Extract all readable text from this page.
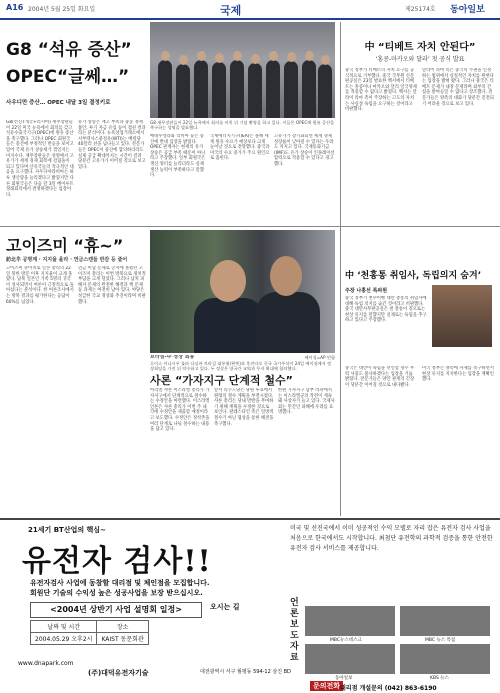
A16 2004년 5월 25일 화요일	국제	제25174호 동아일보
G8 “석유 증산”
OPEC“글쎄…”
사우디만 증산… OPEC 내달 3일 결정키로
G8(선진7개국+러시아) 재무장관들이 22일 미국 뉴욕에서 회의를 갖고 석유수출국기구(OPEC)에 원유 증산을 촉구했다. 그러나 OPEC 회원국들은 증산에 부정적인 반응을 보이고 있어 국제 유가 상승세가 꺾일지는 미지수다. 재무장관들은 성명에서 고유가가 세계 경제 회복에 걸림돌이 되고 있다며 산유국들의 적극적인 대응을 요구했다. 사우디아라비아는 하루 생산량을 늘리겠다고 밝혔지만 다른 회원국들은 다음 달 3일 베이루트 정례회의에서 결정하겠다는 입장이다.
유가 상승은 재고 부족과 중동 정세 불안, 투기 자금 유입 등이 겹친 결과라는 분석이다. 뉴욕상업거래소에서 서부텍사스중질유(WTI)는 배럴당 40달러 선을 넘나들고 있다. 전문가들은 OPEC이 증산에 합의하더라도 실제 공급 확대까지는 시간이 걸려 당분간 고유가가 이어질 것으로 보고 있다.
G8 재무장관들이 22일 뉴욕에서 회의를 마친 뒤 기념 촬영을 하고 있다. 이들은 OPEC에 원유 증산을 촉구하는 성명을 발표했다.
베네수엘라와 리비아 등은 증산에 반대 입장을 밝혔다. OPEC 관계자는 현재의 유가 상승은 공급 부족 때문이 아니라고 주장했다. 일부 회원국은 생산 쿼터를 늘리더라도 실제 생산 능력이 부족하다고 말했다.
국제에너지기구(IEA)는 올해 세계 원유 수요가 예상보다 크게 늘어날 것으로 전망했다. 중국과 미국의 수요 증가가 주요 원인으로 꼽힌다.
고유가가 장기화되면 세계 경제 성장률이 낮아질 수 있다는 우려도 커지고 있다. 국제통화기금(IMF)도 유가 상승이 인플레이션 압력으로 작용할 수 있다고 경고했다.
中 “티베트 자치 안된다”
‘홍콩-마카오와 달라’ 첫 공식 발표
중국 정부가 티베트의 자치 요구를 공식적으로 거부했다. 중국 국무원 신문판공실은 23일 발표한 백서에서 티베트는 홍콩이나 마카오와 달리 일국양제를 적용할 수 없다고 밝혔다. 백서는 달라이 라마 측이 주장하는 고도의 자치는 사실상 독립을 요구하는 것이라고 비판했다.
달라이 라마 측은 중국의 주권을 인정하는 범위에서 실질적인 자치를 원한다는 입장을 밝혀 왔다. 그러나 중국은 티베트 문제가 내정 문제라며 외부의 간섭을 받아들일 수 없다고 강조했다. 전문가들은 양측의 대화가 당분간 진전되기 어려울 것으로 보고 있다.
고이즈미 “휴~”
訪北후 공명계 · 지지율 올라 · 연금스캔들 반감 등 줄어
고이즈미 준이치로 일본 총리의 22일 북한 방문 이후 지지율이 크게 올랐다. 납북 일본인 가족 5명의 귀국이 성사되면서 여론이 긍정적으로 돌아섰다는 분석이다. 한 여론조사에서는 방북 결과를 평가한다는 응답이 60%를 넘었다.
연금 미납 문제로 궁지에 몰렸던 고이즈미 총리는 이번 방북으로 정치적 부담을 크게 덜었다. 그러나 납치 피해자 문제의 완전한 해결과 핵 문제 등 과제는 여전히 남아 있다. 야당은 성급한 국교 정상화 추진이라며 비판했다.
브라질-中 정상 회동	베이징=AP 연합
루이스 이나시우 룰라 다실바 브라질 대통령(왼쪽)과 후진타오 중국 국가주석이 24일 베이징에서 정상회담을 가진 뒤 악수하고 있다. 두 정상은 양국간 교역과 투자 확대에 합의했다.
사론 “가자지구 단계적 철수”
아리엘 샤론 이스라엘 총리가 가자지구에서 단계적으로 철수하는 수정안을 마련했다. 이스라엘 언론은 샤론 총리가 이번 주 내각에 수정안을 제출할 예정이라고 보도했다. 수정안은 정착촌을 여러 단계로 나눠 철수하는 내용을 담고 있다.
앞서 리쿠드당은 당원 투표에서 원래의 철수 계획을 부결시켰다. 샤론 총리는 당내 반발을 무마하기 위해 계획을 수정한 것으로 보인다. 팔레스타인 측은 일방적 철수가 아닌 협상을 통한 해결을 촉구했다.
한편 가자지구 남부 라파에서는 이스라엘군의 작전이 계속돼 사상자가 늘고 있다. 국제사회는 민간인 피해에 우려를 표명했다.
中 ‘천홍통 취임사, 독립의지 숨겨’
주장 나홍선 특파원
중국 정부가 천수이볜 대만 총통의 취임사에 대해 독립 의지를 숨긴 것이라고 비판했다. 중국 대만사무판공실은 천 총통이 겉으로는 현상 유지를 말했지만 실제로는 독립을 추구하고 있다고 주장했다.
중국은 대만이 독립을 선언할 경우 무력 사용도 불사하겠다는 입장을 거듭 밝혔다. 전문가들은 양안 관계의 긴장이 당분간 이어질 것으로 내다봤다.
미국 정부는 양측에 자제를 촉구하면서 현상 유지를 지지한다는 입장을 재확인했다.
21세기 BT산업의 핵심~
유전자 검사!!
유전자검사 사업에 동참할 대리점 및 체인점을 모집합니다.
회원단 기술의 수익성 높은 성공사업을 보장 받으십시오.
<2004년 상반기 사업 설명회 일정>	오시는 길
날짜 및 시간	장소
2004.05.29 오후2시	KAIST 동문회관
www.dnapark.com
(주)대덕유전자기술	대전광역시 서구 월평동 594-12 삼진 BD
미국 및 선진국에서 이미 성공적인 수익 모델로 자리 잡은 유전자 검사 사업을 처음으로 한국에서도 시작합니다. 최첨단 유전학의 과학적 검증을 통한 안전한 유전자 검사 서비스를 제공합니다.
언론보도자료
MBC뉴스데스크	MBC 뉴스 특집
동아일보	KBS 뉴스
문의전화 대리점 개설문의 (042) 863-6190
